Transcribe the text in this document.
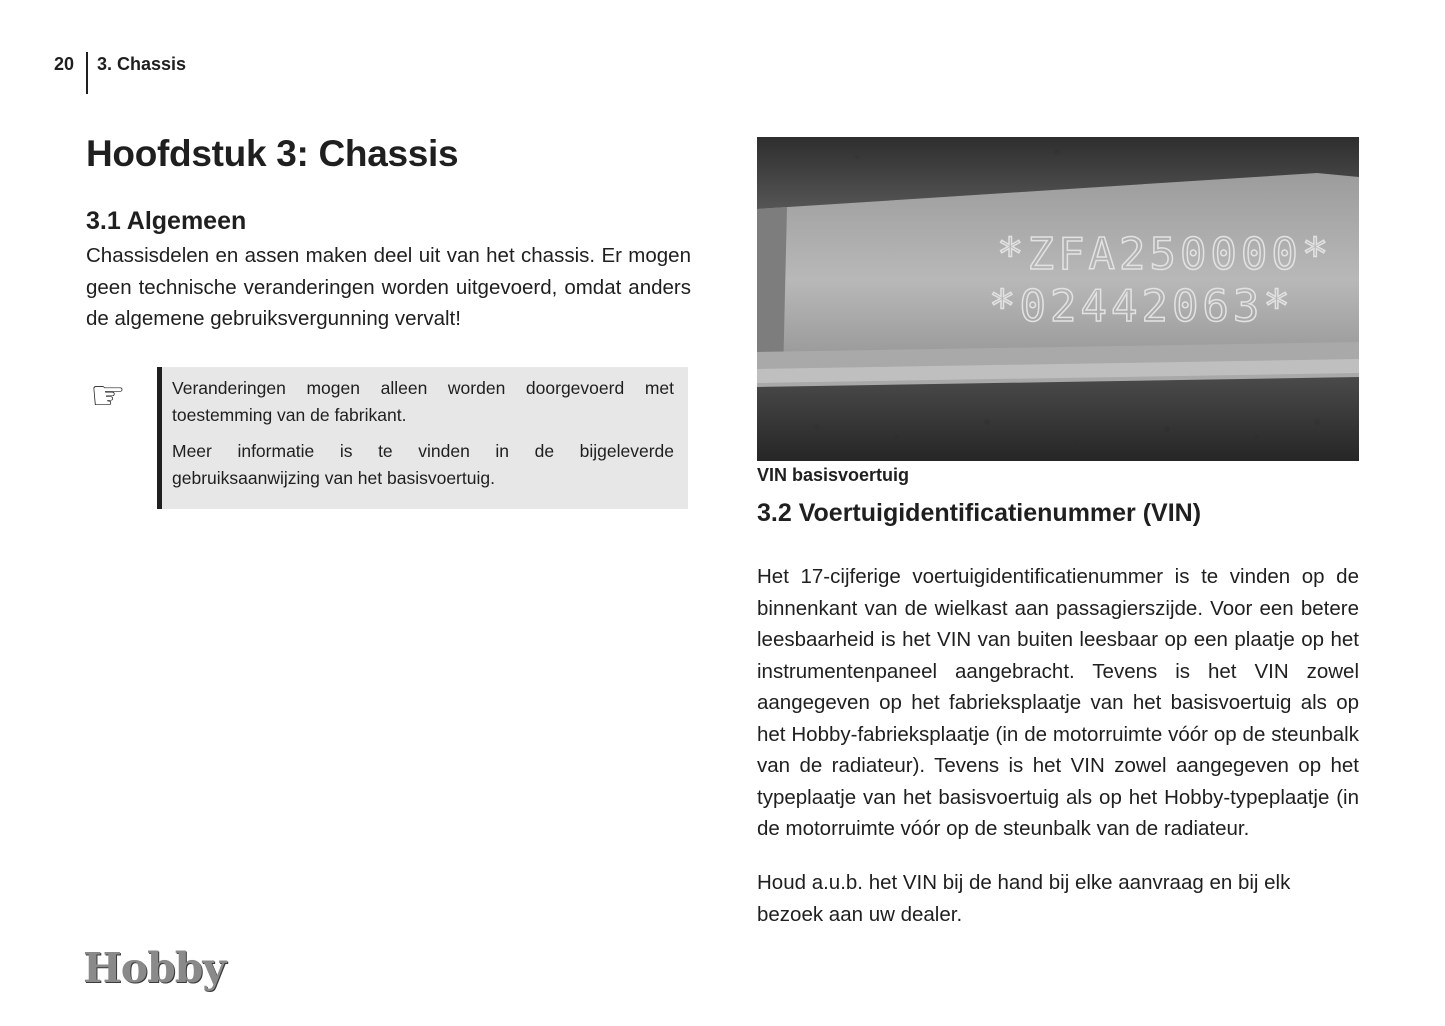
20 3. Chassis
Hoofdstuk 3: Chassis
3.1 Algemeen

Chassisdelen en assen maken deel uit van het chassis. Er mogen geen technische veranderingen worden uitgevoerd, omdat anders de algemene gebruiksvergunning vervalt!

☞	Veranderingen mogen alleen worden doorgevoerd met toestemming van de fabrikant.

Meer informatie is te vinden in de bijgeleverde gebruiksaanwijzing van het basisvoertuig.

Hobby
*ZFA250000*
*02442063*
VIN basisvoertuig
3.2 Voertuigidentificatienummer (VIN)

Het 17-cijferige voertuigidentificatienummer is te vinden op de binnenkant van de wielkast aan passagierszijde. Voor een betere leesbaarheid is het VIN van buiten leesbaar op een plaatje op het instrumentenpaneel aangebracht. Tevens is het VIN zowel aangegeven op het fabrieksplaatje van het basisvoertuig als op het Hobby-fabrieksplaatje (in de motorruimte vóór op de steunbalk van de radiateur). Tevens is het VIN zowel aangegeven op het typeplaatje van het basisvoertuig als op het Hobby-typeplaatje (in de motorruimte vóór op de steunbalk van de radiateur.

Houd a.u.b. het VIN bij de hand bij elke aanvraag en bij elk bezoek aan uw dealer.
